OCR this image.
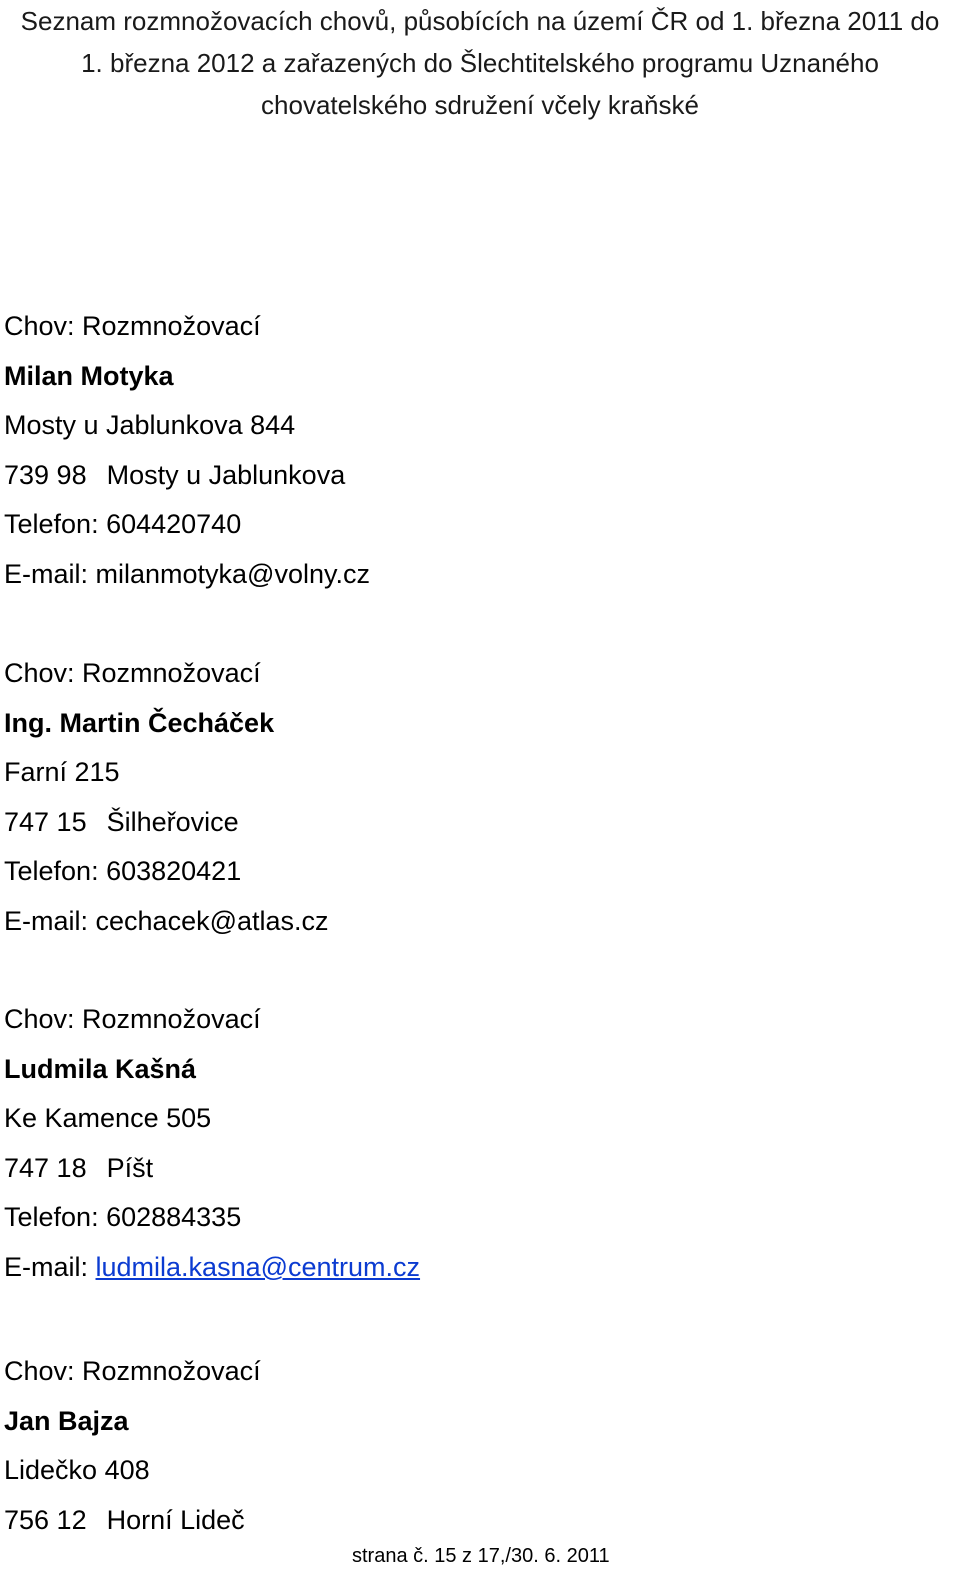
Seznam rozmnožovacích chovů, působících na území ČR od 1. března 2011 do
1. března 2012 a zařazených do Šlechtitelského programu Uznaného
chovatelského sdružení včely kraňské
Chov: Rozmnožovací
Milan Motyka
Mosty u Jablunkova 844
739 98 Mosty u Jablunkova
Telefon: 604420740
E-mail: milanmotyka@volny.cz
Chov: Rozmnožovací
Ing. Martin Čecháček
Farní 215
747 15 Šilheřovice
Telefon: 603820421
E-mail: cechacek@atlas.cz
Chov: Rozmnožovací
Ludmila Kašná
Ke Kamence 505
747 18 Píšt
Telefon: 602884335
E-mail: ludmila.kasna@centrum.cz
Chov: Rozmnožovací
Jan Bajza
Lidečko 408
756 12 Horní Lideč
strana č. 15 z 17,/30. 6. 2011
